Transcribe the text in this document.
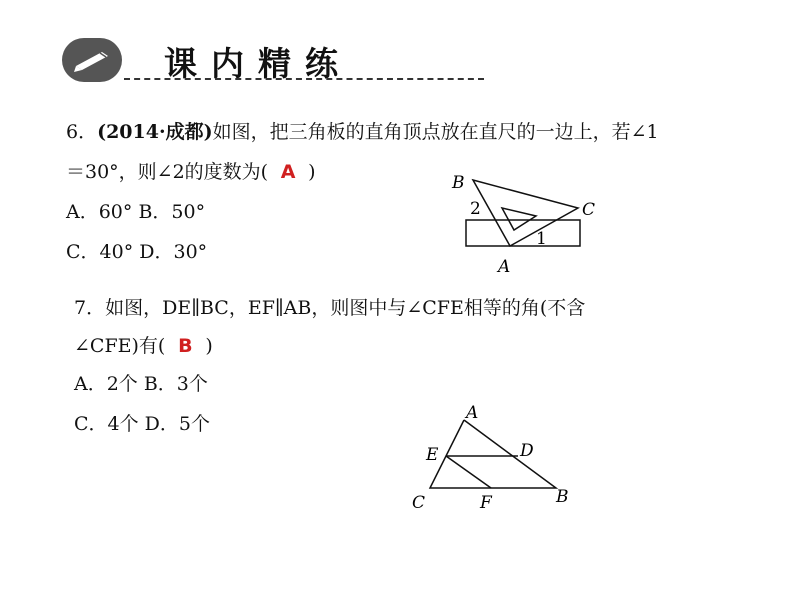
课内精练
6．(2014·成都)如图，把三角板的直角顶点放在直尺的一边上，若∠1
＝30°，则∠2的度数为( A )
A．60° B．50°
C．40° D．30°
B
C
A
1
2
7．如图，DE∥BC，EF∥AB，则图中与∠CFE相等的角(不含
∠CFE)有( B )
A．2个 B．3个
C．4个 D．5个	A
E	D
C	F	B
